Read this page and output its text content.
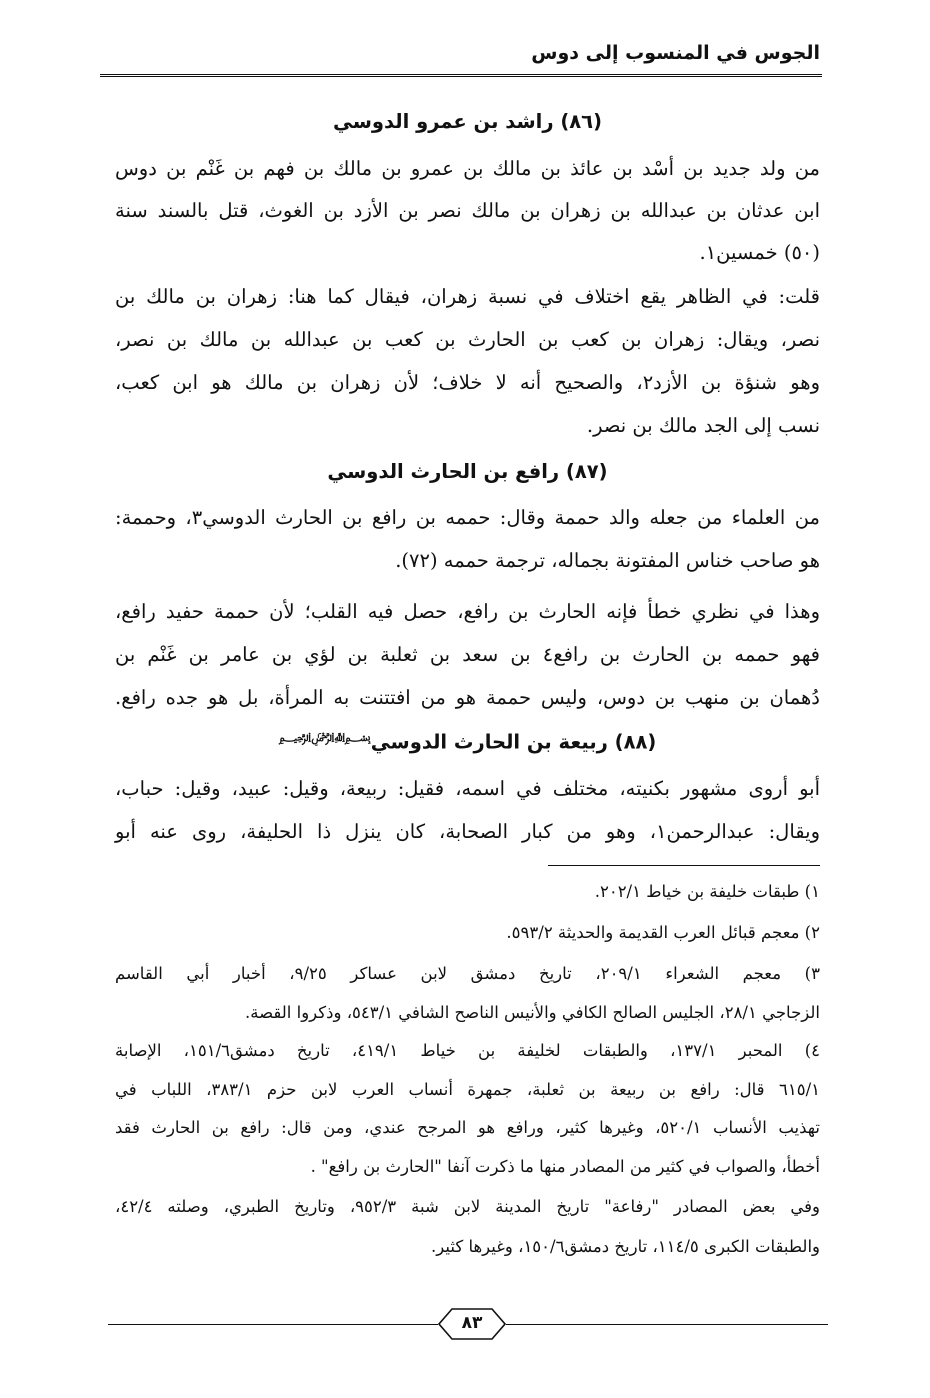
الجوس في المنسوب إلى دوس
(٨٦) راشد بن عمرو الدوسي
من ولد جديد بن أسْد بن عائذ بن مالك بن عمرو بن مالك بن فهم بن غَنْم بن دوس
ابن عدثان بن عبدالله بن زهران بن مالك نصر بن الأزد بن الغوث، قتل بالسند سنة
(٥٠) خمسين١.
قلت: في الظاهر يقع اختلاف في نسبة زهران، فيقال كما هنا: زهران بن مالك بن
نصر، ويقال: زهران بن كعب بن الحارث بن كعب بن عبدالله بن مالك بن نصر،
وهو شنؤة بن الأزد٢، والصحيح أنه لا خلاف؛ لأن زهران بن مالك هو ابن كعب،
نسب إلى الجد مالك بن نصر.
(٨٧) رافع بن الحارث الدوسي
من العلماء من جعله والد حممة وقال: حممه بن رافع بن الحارث الدوسي٣، وحممة:
هو صاحب خناس المفتونة بجماله، ترجمة حممه (٧٢).
وهذا في نظري خطأ فإنه الحارث بن رافع، حصل فيه القلب؛ لأن حممة حفيد رافع،
فهو حممه بن الحارث بن رافع٤ بن سعد بن ثعلبة بن لؤي بن عامر بن غَنْم بن
دُهمان بن منهب بن دوس، وليس حممة هو من افتتنت به المرأة، بل هو جده رافع.
(٨٨) ربيعة بن الحارث الدوسي﷽
أبو أروى مشهور بكنيته، مختلف في اسمه، فقيل: ربيعة، وقيل: عبيد، وقيل: حباب،
ويقال: عبدالرحمن١، وهو من كبار الصحابة، كان ينزل ذا الحليفة، روى عنه أبو
١) طبقات خليفة بن خياط ٢٠٢/١.
٢) معجم قبائل العرب القديمة والحديثة ٥٩٣/٢.
٣) معجم الشعراء ٢٠٩/١، تاريخ دمشق لابن عساكر ٩/٢٥، أخبار أبي القاسم
الزجاجي ٢٨/١، الجليس الصالح الكافي والأنيس الناصح الشافي ٥٤٣/١، وذكروا القصة.
٤) المحبر ١٣٧/١، والطبقات لخليفة بن خياط ٤١٩/١، تاريخ دمشق١٥١/٦، الإصابة
٦١٥/١ قال: رافع بن ربيعة بن ثعلبة، جمهرة أنساب العرب لابن حزم ٣٨٣/١، اللباب في
تهذيب الأنساب ٥٢٠/١، وغيرها كثير، ورافع هو المرجح عندي، ومن قال: رافع بن الحارث فقد
أخطأ، والصواب في كثير من المصادر منها ما ذكرت آنفا "الحارث بن رافع" .
وفي بعض المصادر "رفاعة" تاريخ المدينة لابن شبة ٩٥٢/٣، وتاريخ الطبري، وصلته ٤٢/٤،
والطبقات الكبرى ١١٤/٥، تاريخ دمشق١٥٠/٦، وغيرها كثير.
٨٣
